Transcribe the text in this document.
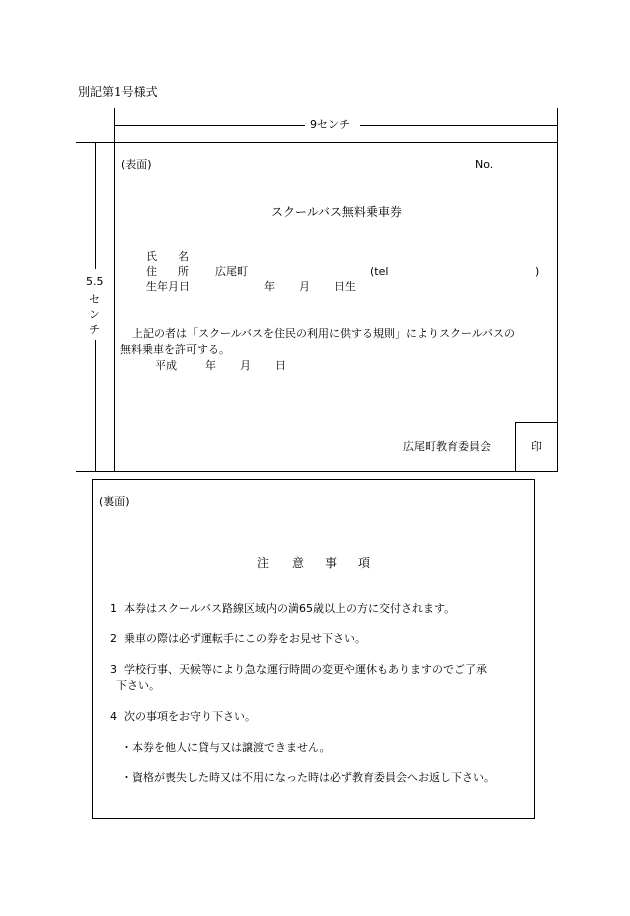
別記第1号様式
9センチ
5.5
セ
ン
チ
(表面)	No.
スクールバス無料乗車券
氏 名
住 所 広尾町	(tel	)
生年月日	年 月 日生
上記の者は「スクールバスを住民の利用に供する規則」によりスクールバスの
無料乗車を許可する。
平成	年 月 日
広尾町教育委員会	印
(裏面)
注 意 事 項
1 本券はスクールバス路線区域内の満65歳以上の方に交付されます。
2 乗車の際は必ず運転手にこの券をお見せ下さい。
3 学校行事、天候等により急な運行時間の変更や運休もありますのでご了承
下さい。
4 次の事項をお守り下さい。
・本券を他人に貸与又は譲渡できません。
・資格が喪失した時又は不用になった時は必ず教育委員会へお返し下さい。
